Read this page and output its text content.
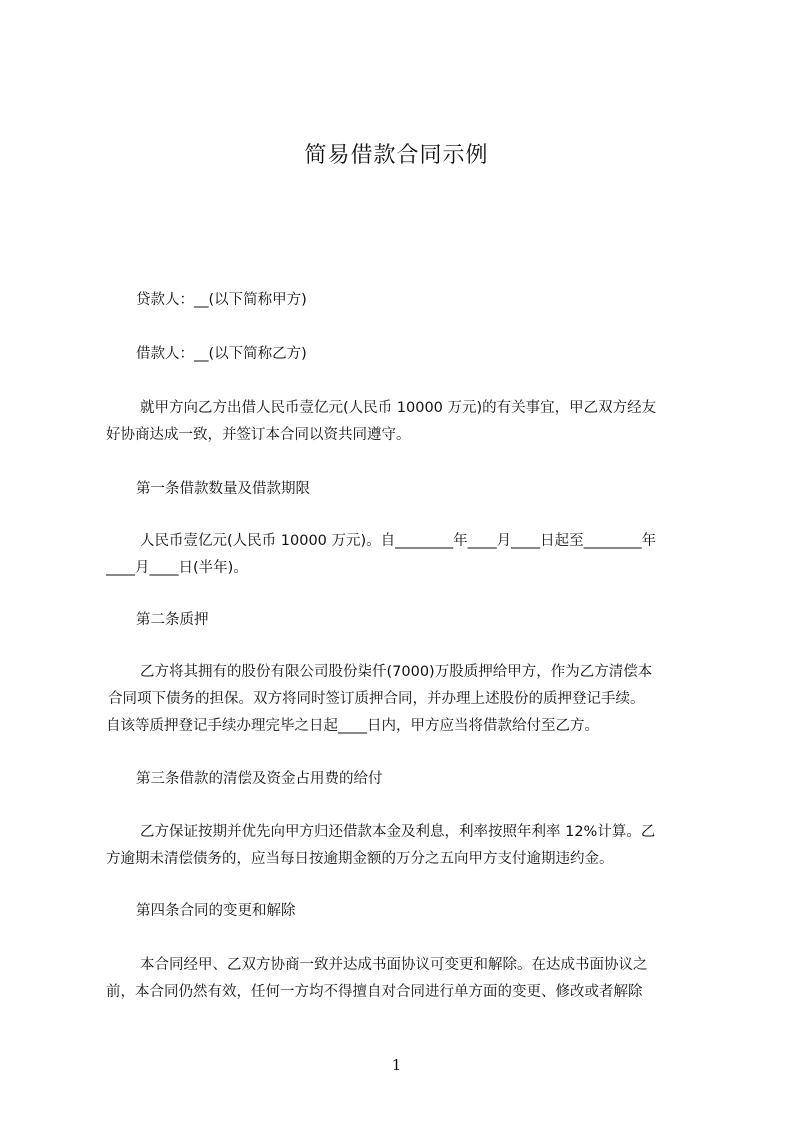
简易借款合同示例
贷款人：__(以下简称甲方)
借款人：__(以下简称乙方)
就甲方向乙方出借人民币壹亿元(人民币 10000 万元)的有关事宜，甲乙双方经友
好协商达成一致，并签订本合同以资共同遵守。
第一条借款数量及借款期限
人民币壹亿元(人民币 10000 万元)。自________年____月____日起至________年
____月____日(半年)。
第二条质押
乙方将其拥有的股份有限公司股份柒仟(7000)万股质押给甲方，作为乙方清偿本
合同项下债务的担保。双方将同时签订质押合同，并办理上述股份的质押登记手续。
自该等质押登记手续办理完毕之日起____日内，甲方应当将借款给付至乙方。
第三条借款的清偿及资金占用费的给付
乙方保证按期并优先向甲方归还借款本金及利息，利率按照年利率 12%计算。乙
方逾期未清偿债务的，应当每日按逾期金额的万分之五向甲方支付逾期违约金。
第四条合同的变更和解除
本合同经甲、乙双方协商一致并达成书面协议可变更和解除。在达成书面协议之
前，本合同仍然有效，任何一方均不得擅自对合同进行单方面的变更、修改或者解除
1
